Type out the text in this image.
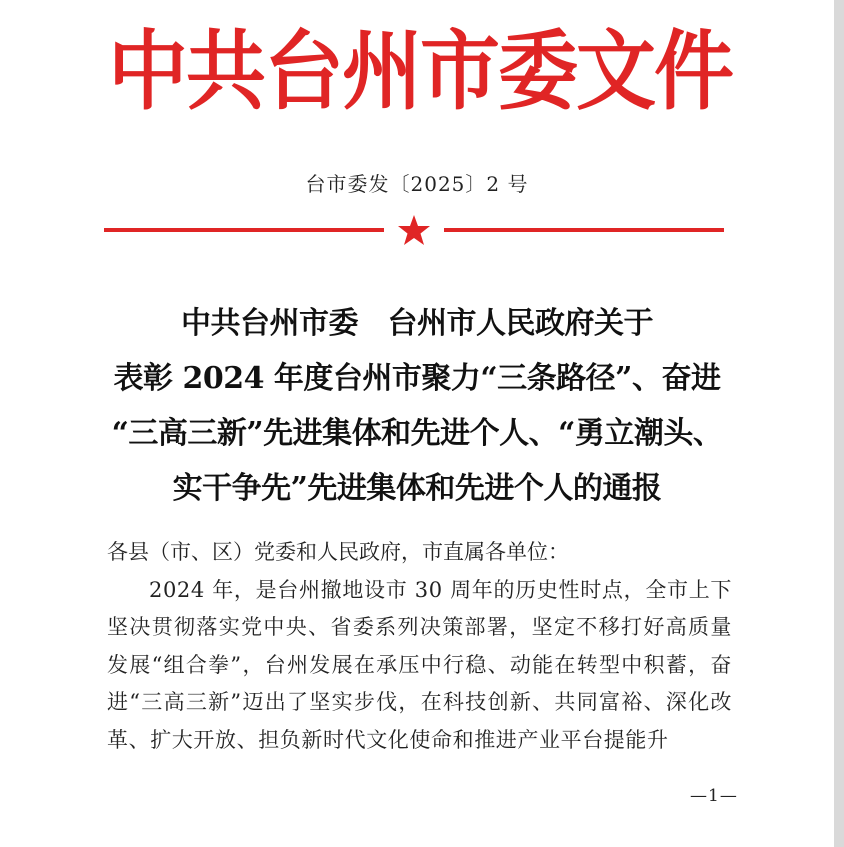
中共台州市委文件
台市委发〔2025〕2 号
中共台州市委　台州市人民政府关于
表彰 2024 年度台州市聚力“三条路径”、奋进
“三高三新”先进集体和先进个人、“勇立潮头、
实干争先”先进集体和先进个人的通报
各县（市、区）党委和人民政府，市直属各单位：
2024 年，是台州撤地设市 30 周年的历史性时点，全市上下坚决贯彻落实党中央、省委系列决策部署，坚定不移打好高质量发展“组合拳”，台州发展在承压中行稳、动能在转型中积蓄，奋进“三高三新”迈出了坚实步伐，在科技创新、共同富裕、深化改革、扩大开放、担负新时代文化使命和推进产业平台提能升
—1—
